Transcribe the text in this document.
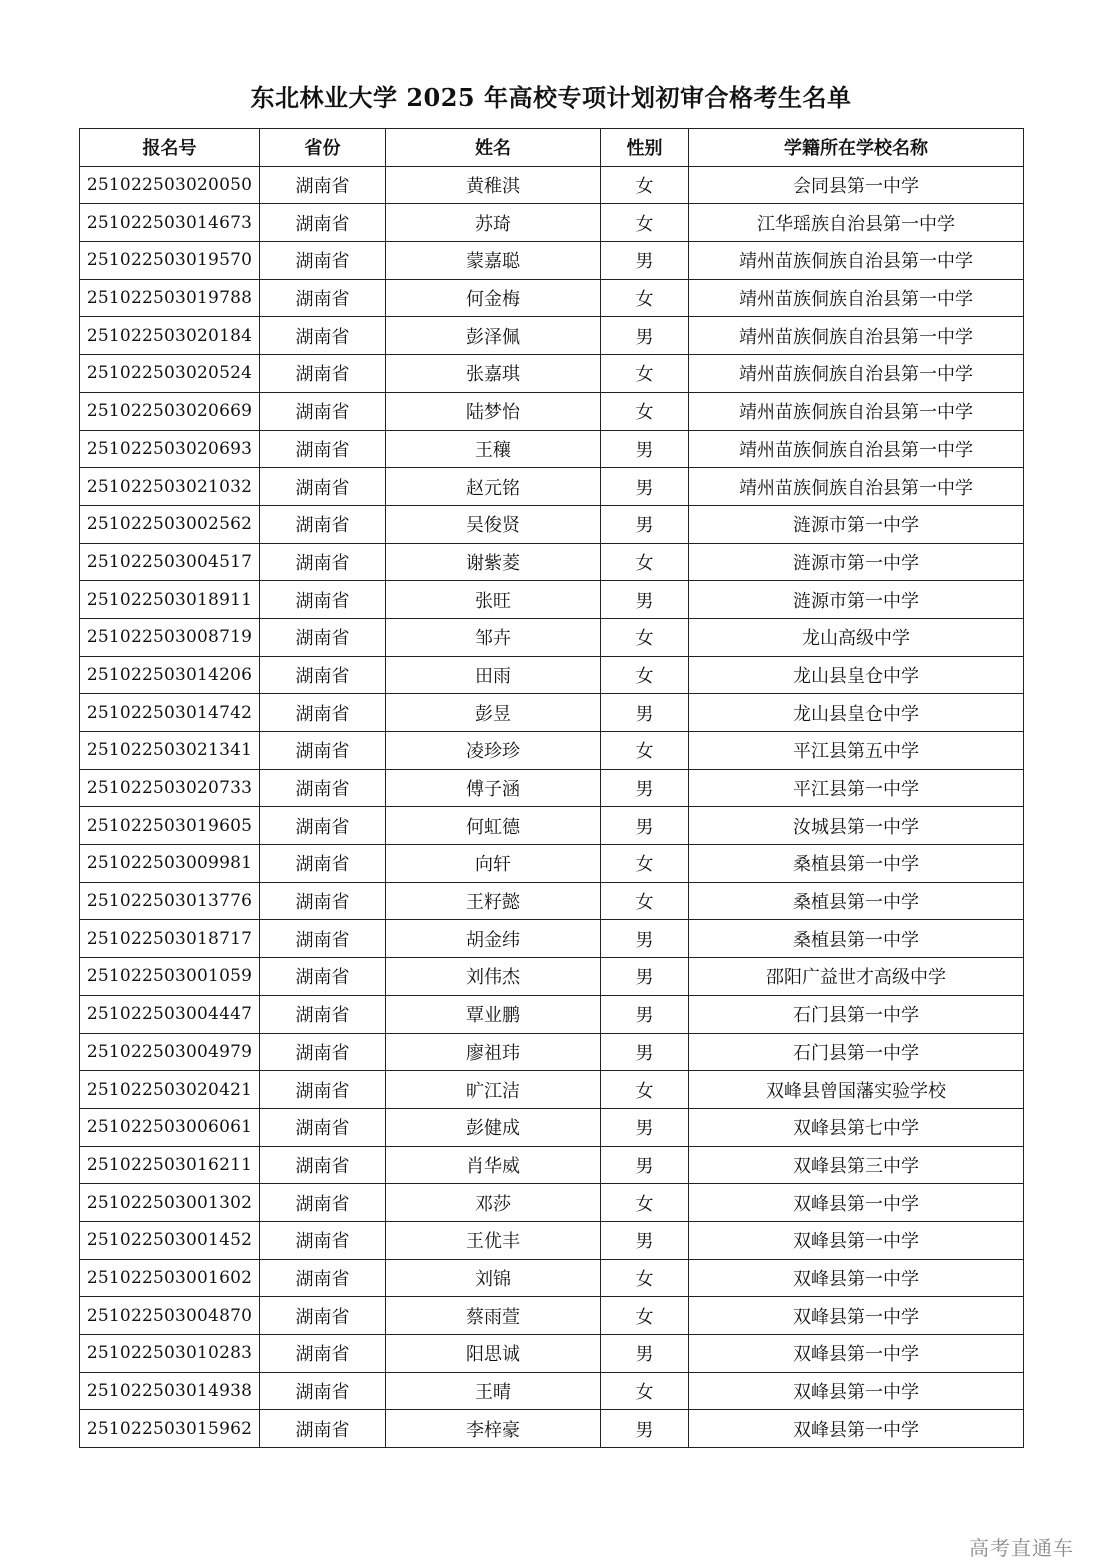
东北林业大学 2025 年高校专项计划初审合格考生名单
报名号	省份	姓名	性别	学籍所在学校名称
251022503020050	湖南省	黄稚淇	女	会同县第一中学
251022503014673	湖南省	苏琦	女	江华瑶族自治县第一中学
251022503019570	湖南省	蒙嘉聪	男	靖州苗族侗族自治县第一中学
251022503019788	湖南省	何金梅	女	靖州苗族侗族自治县第一中学
251022503020184	湖南省	彭泽佩	男	靖州苗族侗族自治县第一中学
251022503020524	湖南省	张嘉琪	女	靖州苗族侗族自治县第一中学
251022503020669	湖南省	陆梦怡	女	靖州苗族侗族自治县第一中学
251022503020693	湖南省	王穰	男	靖州苗族侗族自治县第一中学
251022503021032	湖南省	赵元铭	男	靖州苗族侗族自治县第一中学
251022503002562	湖南省	吴俊贤	男	涟源市第一中学
251022503004517	湖南省	谢紫菱	女	涟源市第一中学
251022503018911	湖南省	张旺	男	涟源市第一中学
251022503008719	湖南省	邹卉	女	龙山高级中学
251022503014206	湖南省	田雨	女	龙山县皇仓中学
251022503014742	湖南省	彭昱	男	龙山县皇仓中学
251022503021341	湖南省	凌珍珍	女	平江县第五中学
251022503020733	湖南省	傅子涵	男	平江县第一中学
251022503019605	湖南省	何虹德	男	汝城县第一中学
251022503009981	湖南省	向轩	女	桑植县第一中学
251022503013776	湖南省	王籽懿	女	桑植县第一中学
251022503018717	湖南省	胡金纬	男	桑植县第一中学
251022503001059	湖南省	刘伟杰	男	邵阳广益世才高级中学
251022503004447	湖南省	覃业鹏	男	石门县第一中学
251022503004979	湖南省	廖祖玮	男	石门县第一中学
251022503020421	湖南省	旷江洁	女	双峰县曾国藩实验学校
251022503006061	湖南省	彭健成	男	双峰县第七中学
251022503016211	湖南省	肖华威	男	双峰县第三中学
251022503001302	湖南省	邓莎	女	双峰县第一中学
251022503001452	湖南省	王优丰	男	双峰县第一中学
251022503001602	湖南省	刘锦	女	双峰县第一中学
251022503004870	湖南省	蔡雨萱	女	双峰县第一中学
251022503010283	湖南省	阳思诚	男	双峰县第一中学
251022503014938	湖南省	王晴	女	双峰县第一中学
251022503015962	湖南省	李梓豪	男	双峰县第一中学
高考直通车
